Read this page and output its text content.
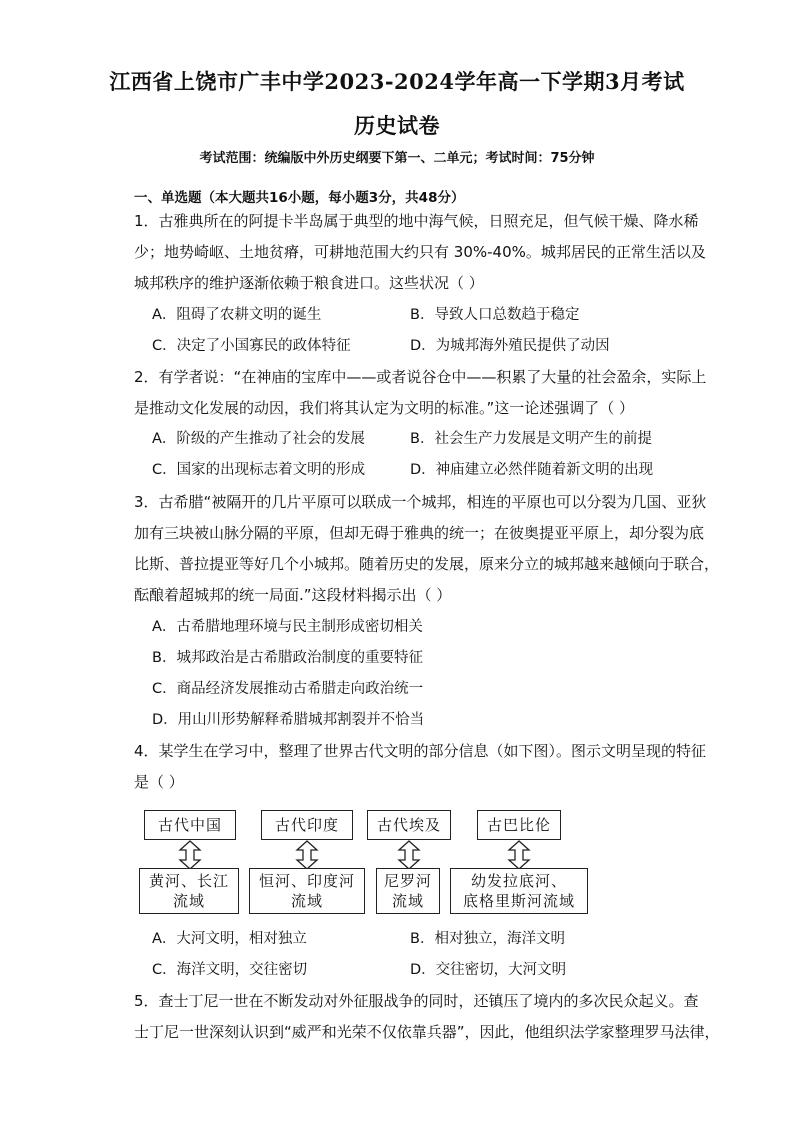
江西省上饶市广丰中学2023-2024学年高一下学期3月考试
历史试卷
考试范围：统编版中外历史纲要下第一、二单元；考试时间：75分钟
一、单选题（本大题共16小题，每小题3分，共48分）
1．古雅典所在的阿提卡半岛属于典型的地中海气候，日照充足，但气候干燥、降水稀
少；地势崎岖、土地贫瘠，可耕地范围大约只有 30%-40%。城邦居民的正常生活以及
城邦秩序的维护逐渐依赖于粮食进口。这些状况（ ）
A．阻碍了农耕文明的诞生	B．导致人口总数趋于稳定
C．决定了小国寡民的政体特征	D．为城邦海外殖民提供了动因
2．有学者说：“在神庙的宝库中——或者说谷仓中——积累了大量的社会盈余，实际上
是推动文化发展的动因，我们将其认定为文明的标准。”这一论述强调了（ ）
A．阶级的产生推动了社会的发展	B．社会生产力发展是文明产生的前提
C．国家的出现标志着文明的形成	D．神庙建立必然伴随着新文明的出现
3．古希腊“被隔开的几片平原可以联成一个城邦，相连的平原也可以分裂为几国、亚狄
加有三块被山脉分隔的平原，但却无碍于雅典的统一；在彼奥提亚平原上，却分裂为底
比斯、普拉提亚等好几个小城邦。随着历史的发展，原来分立的城邦越来越倾向于联合，
酝酿着超城邦的统一局面.”这段材料揭示出（ ）
A．古希腊地理环境与民主制形成密切相关
B．城邦政治是古希腊政治制度的重要特征
C．商品经济发展推动古希腊走向政治统一
D．用山川形势解释希腊城邦割裂并不恰当
4．某学生在学习中，整理了世界古代文明的部分信息（如下图）。图示文明呈现的特征
是（ ）
古代中国	古代印度	古代埃及	古巴比伦
黄河、长江
流域
恒河、印度河
流域
尼罗河
流域
幼发拉底河、
底格里斯河流域
A．大河文明，相对独立	B．相对独立，海洋文明
C．海洋文明，交往密切	D．交往密切，大河文明
5．查士丁尼一世在不断发动对外征服战争的同时，还镇压了境内的多次民众起义。查
士丁尼一世深刻认识到“威严和光荣不仅依靠兵器”，因此，他组织法学家整理罗马法律，
